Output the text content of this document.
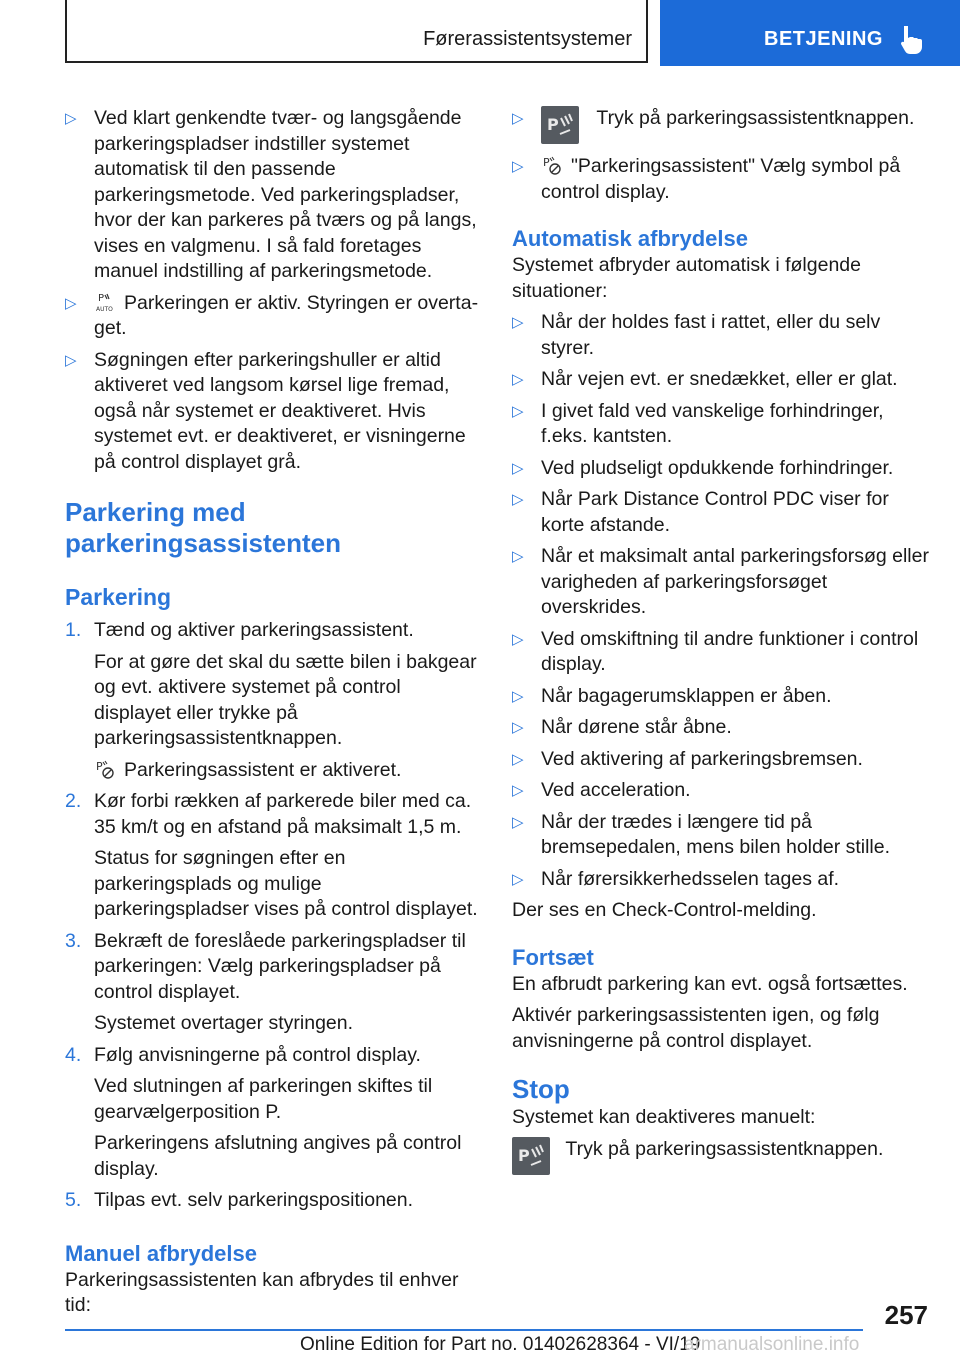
Førerassistentsystemer	BETJENING
▷ Ved klart genkendte tvær- og langsgående parkeringspladser indstiller systemet automatisk til den passende parkeringsmetode. Ved parkeringspladser, hvor der kan parkeres på tværs og på langs, vises en valgmenu. I så fald foretages manuel indstilling af parkeringsmetode.
▷ P
AUTO Parkeringen er aktiv. Styringen er overtaget.
▷ Søgningen efter parkeringshuller er altid aktiveret ved langsom kørsel lige fremad, også når systemet er deaktiveret. Hvis systemet evt. er deaktiveret, er visningerne på control displayet grå.
Parkering med parkeringsassistenten
Parkering
1. Tænd og aktiver parkeringsassistent.
For at gøre det skal du sætte bilen i bakgear og evt. aktivere systemet på control displayet eller trykke på parkeringsassistentknappen.
P Parkeringsassistent er aktiveret.
2. Kør forbi rækken af parkerede biler med ca. 35 km/t og en afstand på maksimalt 1,5 m.
Status for søgningen efter en parkeringsplads og mulige parkeringspladser vises på control displayet.
3. Bekræft de foreslåede parkeringspladser til parkeringen: Vælg parkeringspladser på control displayet.
Systemet overtager styringen.
4. Følg anvisningerne på control display.
Ved slutningen af parkeringen skiftes til gearvælgerposition P.
Parkeringens afslutning angives på control display.
5. Tilpas evt. selv parkeringspositionen.
Manuel afbrydelse
Parkeringsassistenten kan afbrydes til enhver tid:
▷ P Tryk på parkeringsassistentknappen.
▷ P "Parkeringsassistent" Vælg symbol på control display.
Automatisk afbrydelse
Systemet afbryder automatisk i følgende situationer:
▷ Når der holdes fast i rattet, eller du selv styrer.
▷ Når vejen evt. er snedækket, eller er glat.
▷ I givet fald ved vanskelige forhindringer, f.eks. kantsten.
▷ Ved pludseligt opdukkende forhindringer.
▷ Når Park Distance Control PDC viser for korte afstande.
▷ Når et maksimalt antal parkeringsforsøg eller varigheden af parkeringsforsøget overskrides.
▷ Ved omskiftning til andre funktioner i control display.
▷ Når bagagerumsklappen er åben.
▷ Når dørene står åbne.
▷ Ved aktivering af parkeringsbremsen.
▷ Ved acceleration.
▷ Når der trædes i længere tid på bremsepedalen, mens bilen holder stille.
▷ Når førersikkerhedsselen tages af.
Der ses en Check-Control-melding.
Fortsæt
En afbrudt parkering kan evt. også fortsættes.
Aktivér parkeringsassistenten igen, og følg anvisningerne på control displayet.
Stop
Systemet kan deaktiveres manuelt:
P Tryk på parkeringsassistentknappen.
257
Online Edition for Part no. 01402628364 - VI/19
armanualsonline.info
